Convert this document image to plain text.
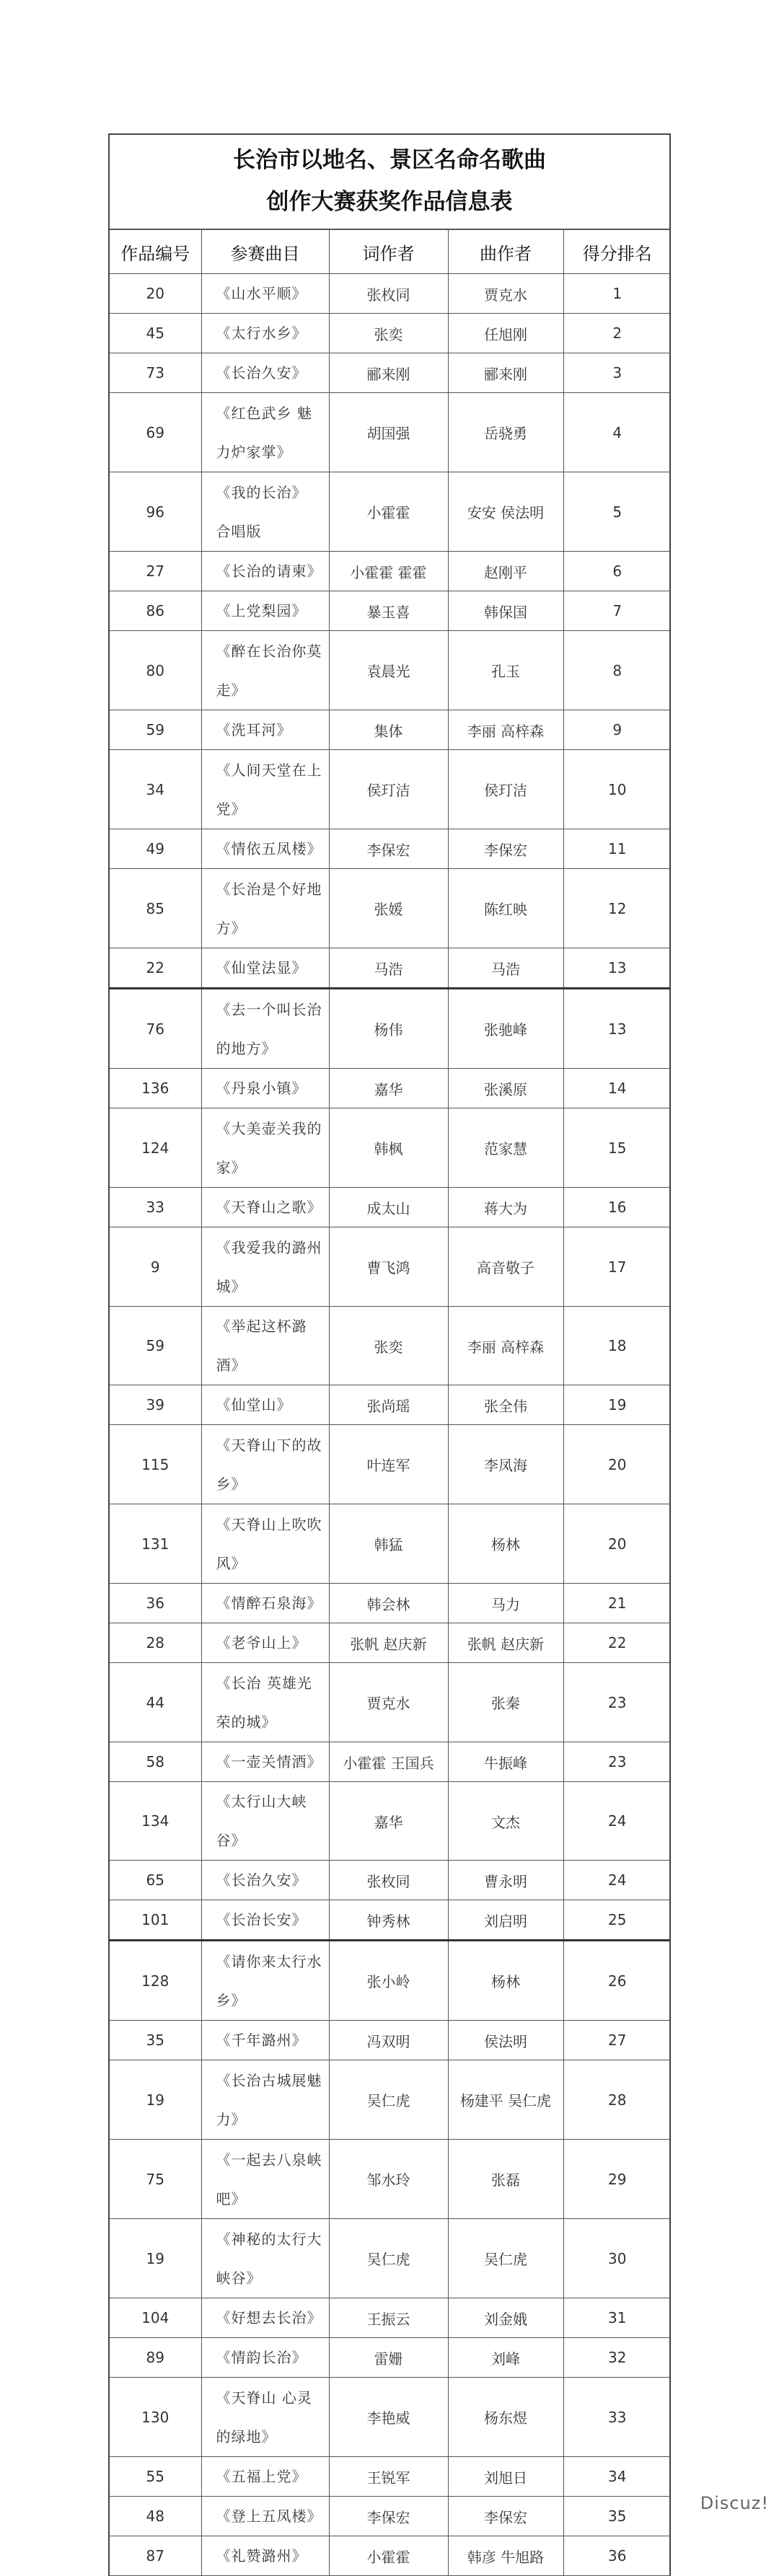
长治市以地名、景区名命名歌曲
创作大赛获奖作品信息表
作品编号	参赛曲目	词作者	曲作者	得分排名
20	《山水平顺》	张枚同	贾克水	1
45	《太行水乡》	张奕	任旭刚	2
73	《长治久安》	郦来刚	郦来刚	3
69	《红色武乡 魅力炉家掌》	胡国强	岳骁勇	4
96	《我的长治》 合唱版	小霍霍	安安 侯法明	5
27	《长治的请柬》	小霍霍 霍霍	赵刚平	6
86	《上党梨园》	暴玉喜	韩保国	7
80	《醉在长治你莫走》	袁晨光	孔玉	8
59	《洗耳河》	集体	李丽 高梓森	9
34	《人间天堂在上党》	侯玎洁	侯玎洁	10
49	《情依五凤楼》	李保宏	李保宏	11
85	《长治是个好地方》	张媛	陈红映	12
22	《仙堂法显》	马浩	马浩	13
76	《去一个叫长治的地方》	杨伟	张驰峰	13
136	《丹泉小镇》	嘉华	张溪原	14
124	《大美壶关我的家》	韩枫	范家慧	15
33	《天脊山之歌》	成太山	蒋大为	16
9	《我爱我的潞州城》	曹飞鸿	高音敬子	17
59	《举起这杯潞酒》	张奕	李丽 高梓森	18
39	《仙堂山》	张尚瑶	张全伟	19
115	《天脊山下的故乡》	叶连军	李凤海	20
131	《天脊山上吹吹风》	韩猛	杨林	20
36	《情醉石泉海》	韩会林	马力	21
28	《老爷山上》	张帆 赵庆新	张帆 赵庆新	22
44	《长治 英雄光荣的城》	贾克水	张秦	23
58	《一壶关情酒》	小霍霍 王国兵	牛振峰	23
134	《太行山大峡谷》	嘉华	文杰	24
65	《长治久安》	张枚同	曹永明	24
101	《长治长安》	钟秀林	刘启明	25
128	《请你来太行水乡》	张小岭	杨林	26
35	《千年潞州》	冯双明	侯法明	27
19	《长治古城展魅力》	吴仁虎	杨建平 吴仁虎	28
75	《一起去八泉峡吧》	邹水玲	张磊	29
19	《神秘的太行大峡谷》	吴仁虎	吴仁虎	30
104	《好想去长治》	王振云	刘金娥	31
89	《情韵长治》	雷姗	刘峰	32
130	《天脊山 心灵的绿地》	李艳威	杨东煜	33
55	《五福上党》	王锐军	刘旭日	34
48	《登上五凤楼》	李保宏	李保宏	35
87	《礼赞潞州》	小霍霍	韩彦 牛旭路	36
Discuz!
